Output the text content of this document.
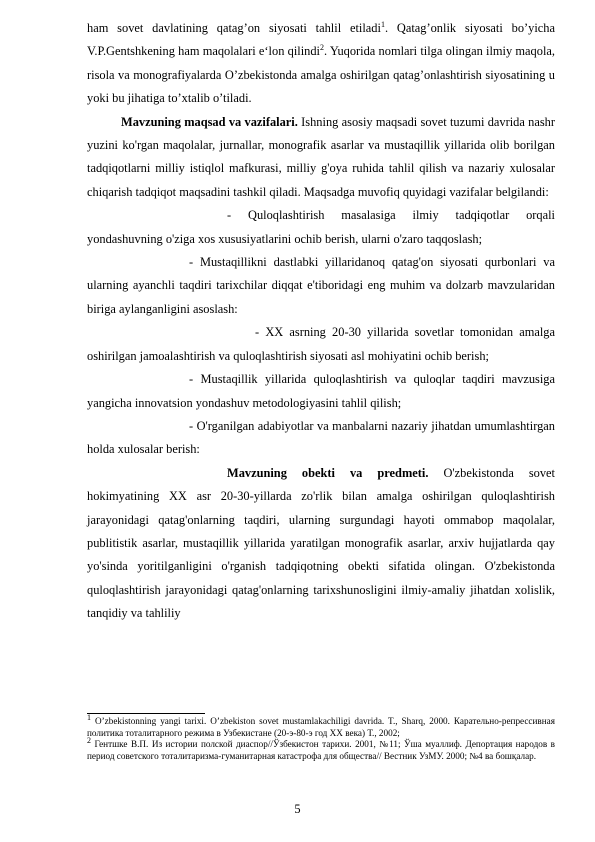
ham sovet davlatining qatag’on siyosati tahlil etiladi$^1$. Qatag’onlik siyosati bo’yicha V.P.Gentshkening ham maqolalari e‘lon qilindi$^2$. Yuqorida nomlari tilga olingan ilmiy maqola, risola va monografiyalarda O’zbekistonda amalga oshirilgan qatag’onlashtirish siyosatining u yoki bu jihatiga to’xtalib o’tiladi.

Mavzuning maqsad va vazifalari. Ishning asosiy maqsadi sovet tuzumi davrida nashr yuzini ko'rgan maqolalar, jurnallar, monografik asarlar va mustaqillik yillarida olib borilgan tadqiqotlarni milliy istiqlol mafkurasi, milliy g'oya ruhida tahlil qilish va nazariy xulosalar chiqarish tadqiqot maqsadini tashkil qiladi. Maqsadga muvofiq quyidagi vazifalar belgilandi:

- Quloqlashtirish masalasiga ilmiy tadqiqotlar orqali yondashuvning o'ziga xos xususiyatlarini ochib berish, ularni o'zaro taqqoslash;

- Mustaqillikni dastlabki yillaridanoq qatag'on siyosati qurbonlari va ularning ayanchli taqdiri tarixchilar diqqat e'tiboridagi eng muhim va dolzarb mavzularidan biriga aylanganligini asoslash:

- XX asrning 20-30 yillarida sovetlar tomonidan amalga oshirilgan jamoalashtirish va quloqlashtirish siyosati asl mohiyatini ochib berish;

- Mustaqillik yillarida quloqlashtirish va quloqlar taqdiri mavzusiga yangicha innovatsion yondashuv metodologiyasini tahlil qilish;

- O'rganilgan adabiyotlar va manbalarni nazariy jihatdan umumlashtirgan holda xulosalar berish:

Mavzuning obekti va predmeti. O'zbekistonda sovet hokimyatining XX asr 20-30-yillarda zo'rlik bilan amalga oshirilgan quloqlashtirish jarayonidagi qatag'onlarning taqdiri, ularning surgundagi hayoti ommabop maqolalar, publitistik asarlar, mustaqillik yillarida yaratilgan monografik asarlar, arxiv hujjatlarda qay yo'sinda yoritilganligini o'rganish tadqiqotning obekti sifatida olingan. O'zbekistonda quloqlashtirish jarayonidagi qatag'onlarning tarixshunosligini ilmiy-amaliy jihatdan xolislik, tanqidiy va tahliliy

$^1$ O’zbekistonning yangi tarixi. O’zbekiston sovet mustamlakachiligi davrida. T., Sharq, 2000. Карательно-репрессивная политика тоталитарного режима в Узбекистане (20-э-80-э год ХХ века) Т., 2002;

$^2$ Гентшке В.П. Из истории полской диаспор//Ўзбекистон тарихи. 2001, №11; Ўша муаллиф. Депортация народов в период советского тоталитаризма-гуманитарная катастрофа для общества// Вестник УзМУ. 2000; №4 ва бошқалар.

5
